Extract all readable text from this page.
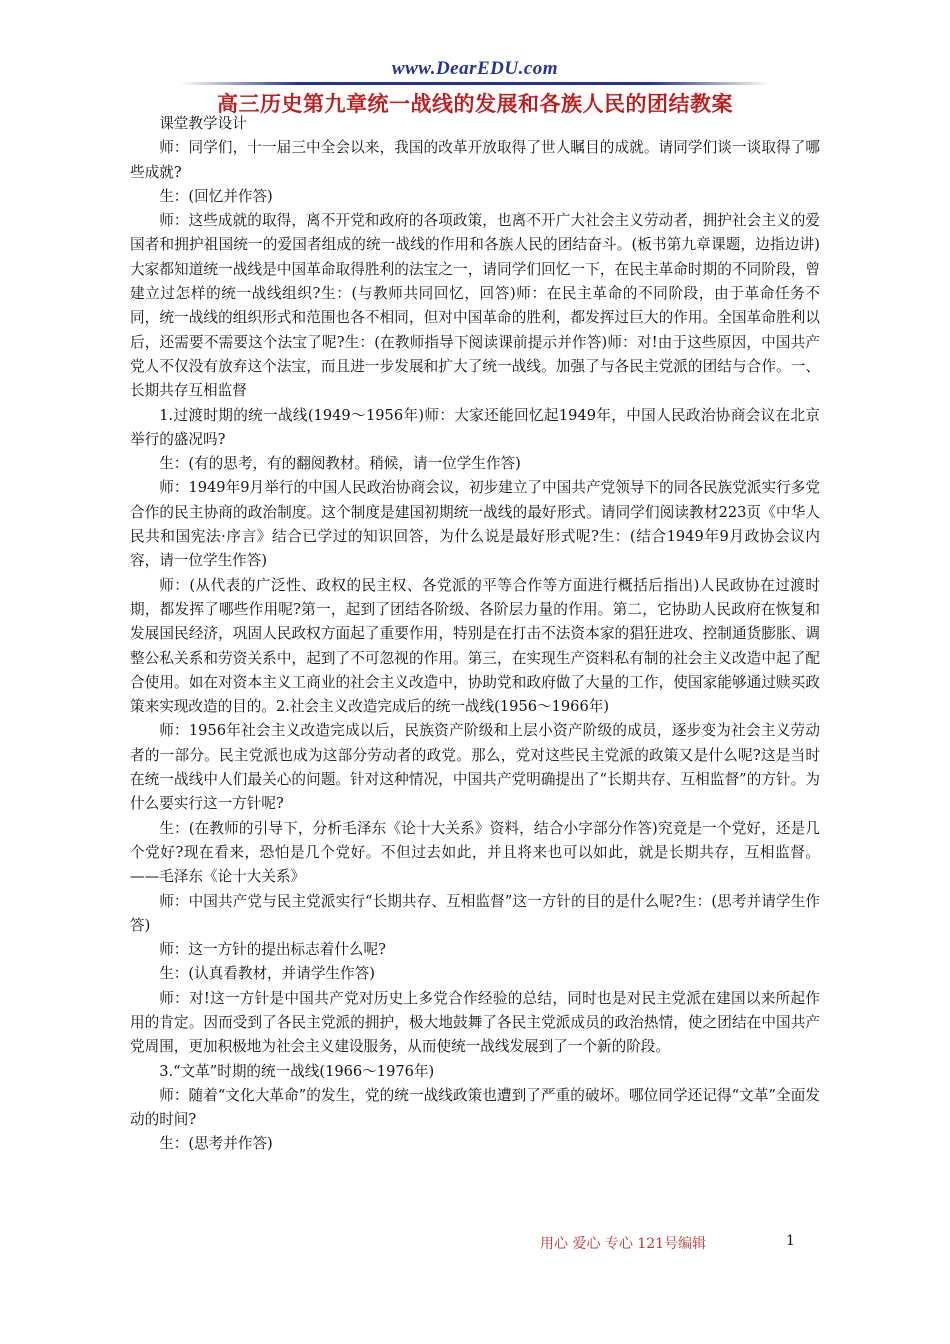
www.DearEDU.com
高三历史第九章统一战线的发展和各族人民的团结教案

课堂教学设计

师：同学们，十一届三中全会以来，我国的改革开放取得了世人瞩目的成就。请同学们谈一谈取得了哪些成就?

生：(回忆并作答)

师：这些成就的取得，离不开党和政府的各项政策，也离不开广大社会主义劳动者，拥护社会主义的爱国者和拥护祖国统一的爱国者组成的统一战线的作用和各族人民的团结奋斗。(板书第九章课题，边指边讲)大家都知道统一战线是中国革命取得胜利的法宝之一，请同学们回忆一下，在民主革命时期的不同阶段，曾建立过怎样的统一战线组织?生：(与教师共同回忆，回答)师：在民主革命的不同阶段，由于革命任务不同，统一战线的组织形式和范围也各不相同，但对中国革命的胜利，都发挥过巨大的作用。全国革命胜利以后，还需要不需要这个法宝了呢?生：(在教师指导下阅读课前提示并作答)师：对!由于这些原因，中国共产党人不仅没有放弃这个法宝，而且进一步发展和扩大了统一战线。加强了与各民主党派的团结与合作。一、长期共存互相监督

1.过渡时期的统一战线(1949～1956年)师：大家还能回忆起1949年，中国人民政治协商会议在北京举行的盛况吗?

生：(有的思考，有的翻阅教材。稍候，请一位学生作答)

师：1949年9月举行的中国人民政治协商会议，初步建立了中国共产党领导下的同各民族党派实行多党合作的民主协商的政治制度。这个制度是建国初期统一战线的最好形式。请同学们阅读教材223页《中华人民共和国宪法·序言》结合已学过的知识回答，为什么说是最好形式呢?生：(结合1949年9月政协会议内容，请一位学生作答)

师：(从代表的广泛性、政权的民主权、各党派的平等合作等方面进行概括后指出)人民政协在过渡时期，都发挥了哪些作用呢?第一，起到了团结各阶级、各阶层力量的作用。第二，它协助人民政府在恢复和发展国民经济，巩固人民政权方面起了重要作用，特别是在打击不法资本家的猖狂进攻、控制通货膨胀、调整公私关系和劳资关系中，起到了不可忽视的作用。第三，在实现生产资料私有制的社会主义改造中起了配合使用。如在对资本主义工商业的社会主义改造中，协助党和政府做了大量的工作，使国家能够通过赎买政策来实现改造的目的。2.社会主义改造完成后的统一战线(1956～1966年)

师：1956年社会主义改造完成以后，民族资产阶级和上层小资产阶级的成员，逐步变为社会主义劳动者的一部分。民主党派也成为这部分劳动者的政党。那么，党对这些民主党派的政策又是什么呢?这是当时在统一战线中人们最关心的问题。针对这种情况，中国共产党明确提出了“长期共存、互相监督”的方针。为什么要实行这一方针呢?

生：(在教师的引导下，分析毛泽东《论十大关系》资料，结合小字部分作答)究竟是一个党好，还是几个党好?现在看来，恐怕是几个党好。不但过去如此，并且将来也可以如此，就是长期共存，互相监督。——毛泽东《论十大关系》

师：中国共产党与民主党派实行“长期共存、互相监督”这一方针的目的是什么呢?生：(思考并请学生作答)

师：这一方针的提出标志着什么呢?

生：(认真看教材，并请学生作答)

师：对!这一方针是中国共产党对历史上多党合作经验的总结，同时也是对民主党派在建国以来所起作用的肯定。因而受到了各民主党派的拥护，极大地鼓舞了各民主党派成员的政治热情，使之团结在中国共产党周围，更加积极地为社会主义建设服务，从而使统一战线发展到了一个新的阶段。

3.“文革”时期的统一战线(1966～1976年)

师：随着“文化大革命”的发生，党的统一战线政策也遭到了严重的破坏。哪位同学还记得“文革”全面发动的时间?

生：(思考并作答)

用心 爱心 专心 121号编辑	1
